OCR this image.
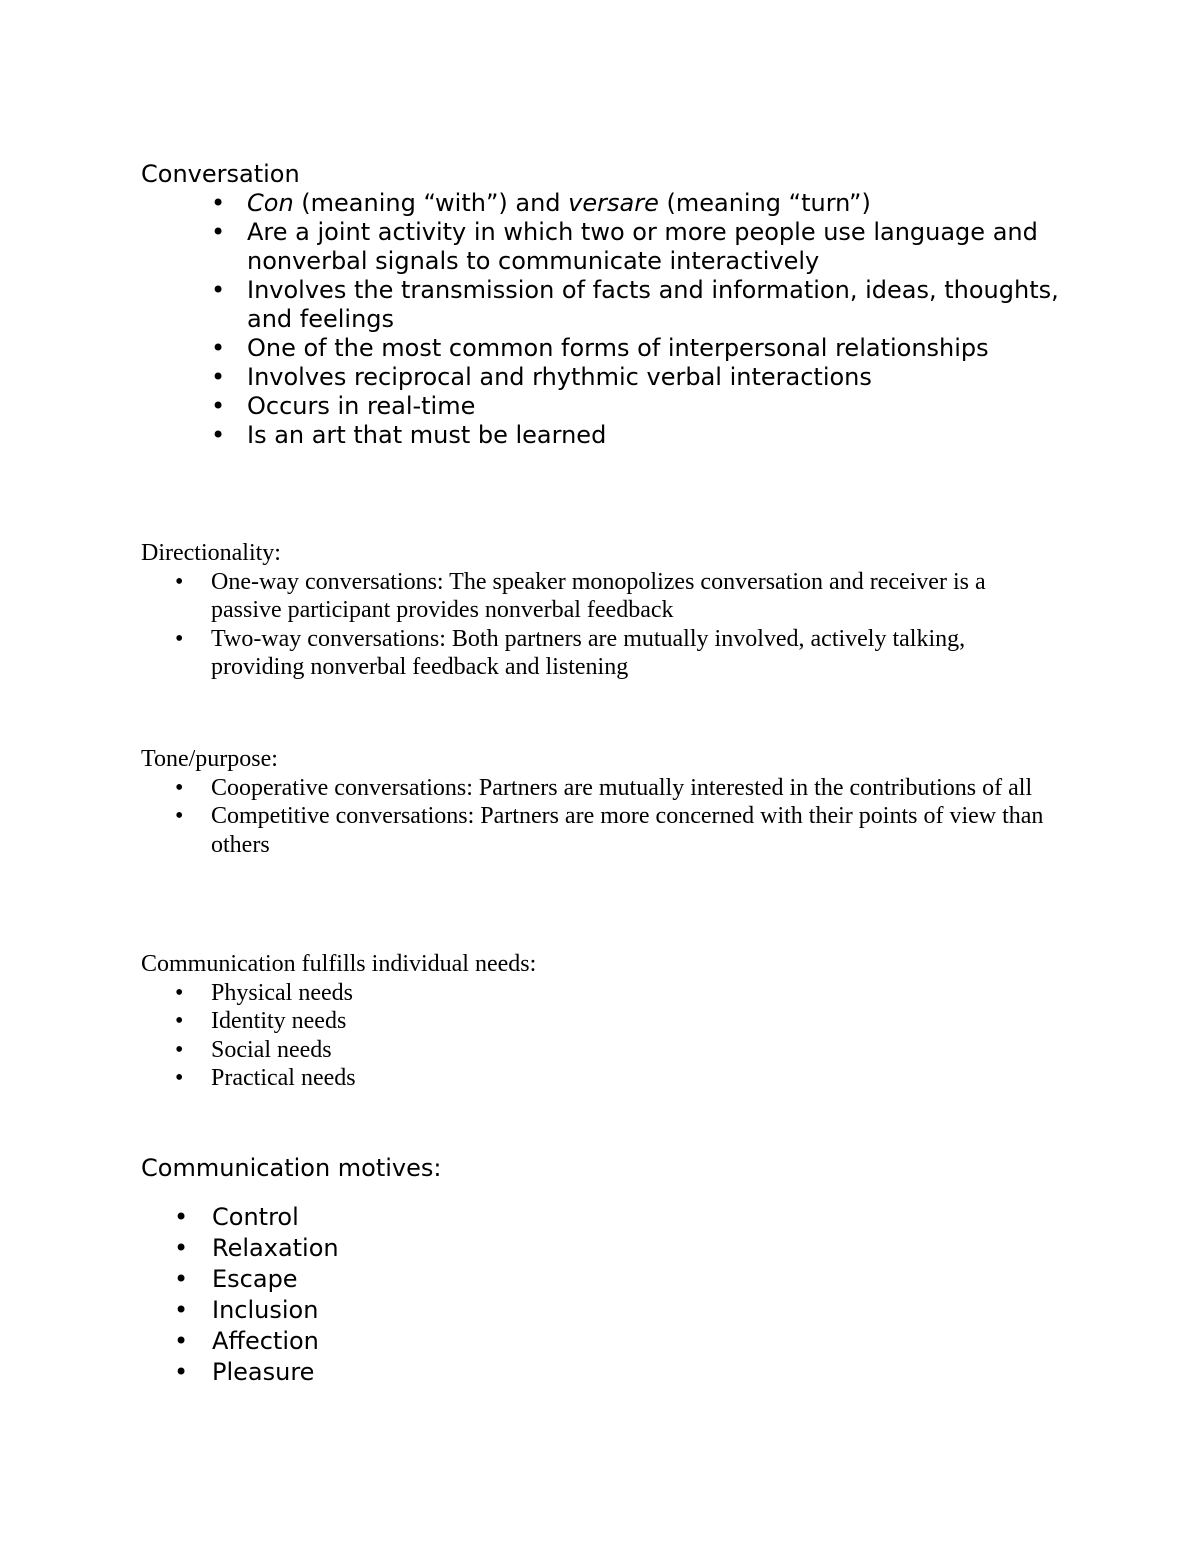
Conversation

• Con (meaning “with”) and versare (meaning “turn”)
• Are a joint activity in which two or more people use language and nonverbal signals to communicate interactively
• Involves the transmission of facts and information, ideas, thoughts, and feelings
• One of the most common forms of interpersonal relationships
• Involves reciprocal and rhythmic verbal interactions
• Occurs in real-time
• Is an art that must be learned

Directionality:

• One-way conversations: The speaker monopolizes conversation and receiver is a passive participant provides nonverbal feedback
• Two-way conversations: Both partners are mutually involved, actively talking, providing nonverbal feedback and listening

Tone/purpose:

• Cooperative conversations: Partners are mutually interested in the contributions of all
• Competitive conversations: Partners are more concerned with their points of view than others

Communication fulfills individual needs:

• Physical needs
• Identity needs
• Social needs
• Practical needs

Communication motives:

• Control
• Relaxation
• Escape
• Inclusion
• Affection
• Pleasure
